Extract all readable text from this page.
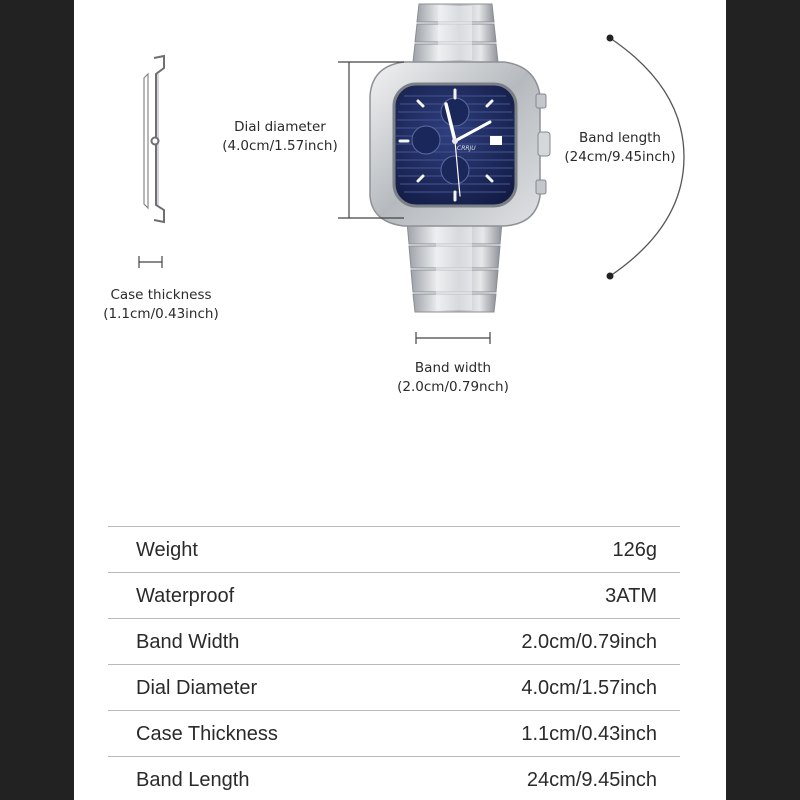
CRRJU
Case thickness
(1.1cm/0.43inch)
Dial diameter
(4.0cm/1.57inch)	Band length
(24cm/9.45inch)
Band width
(2.0cm/0.79nch)
Weight	126g
Waterproof	3ATM
Band Width	2.0cm/0.79inch
Dial Diameter	4.0cm/1.57inch
Case Thickness	1.1cm/0.43inch
Band Length	24cm/9.45inch
